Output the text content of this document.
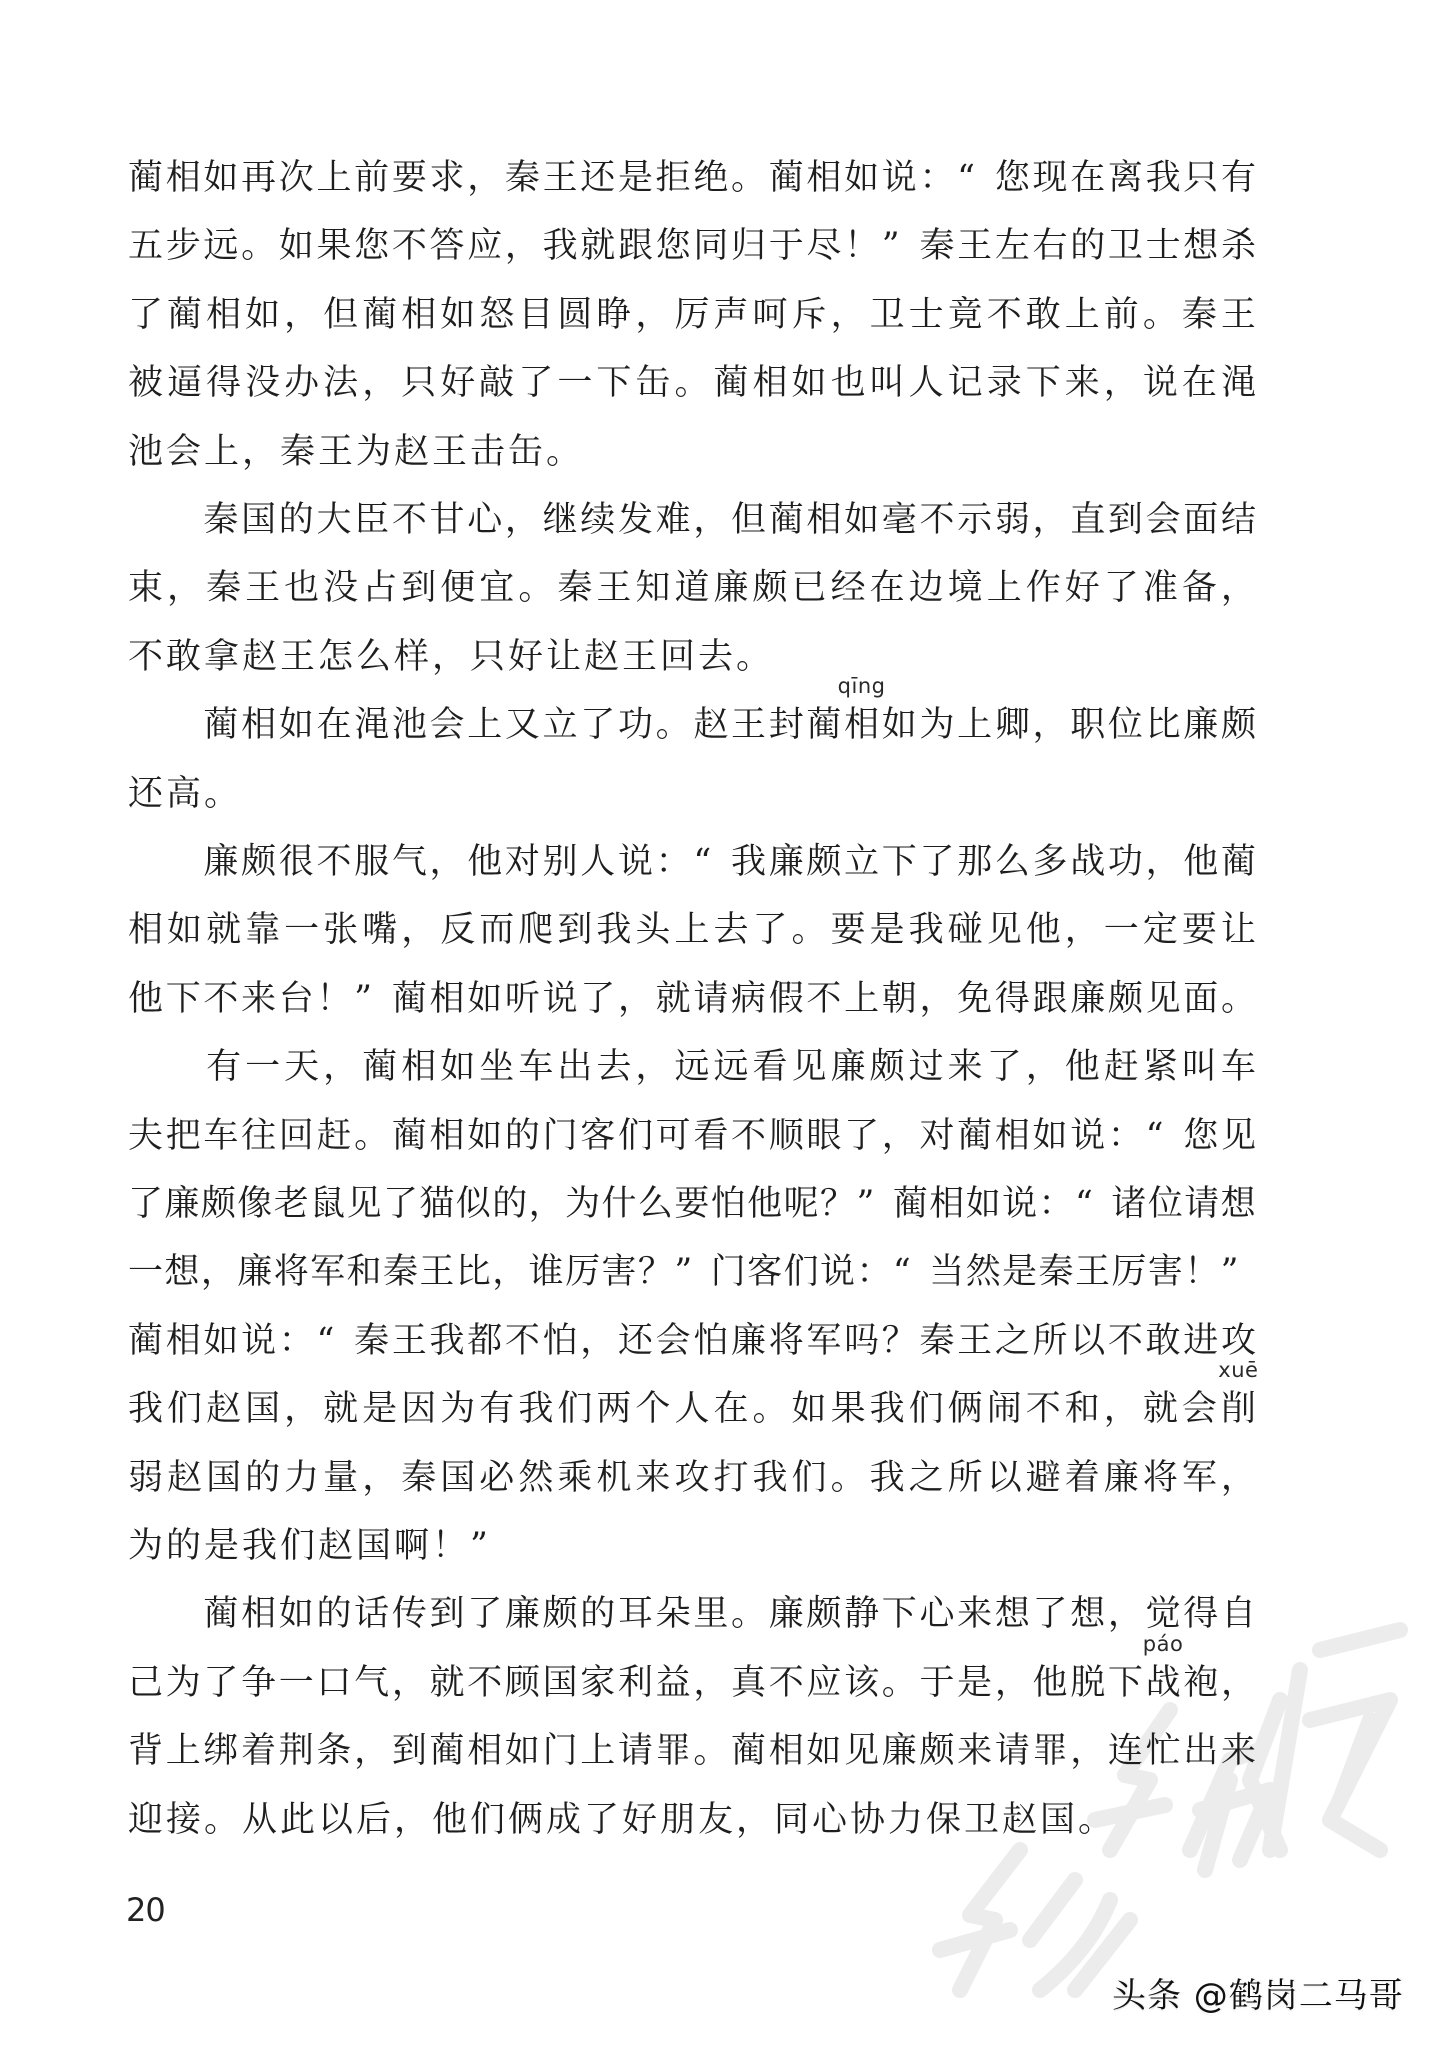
蔺 相 如 再 次 上 前 要 求 ， 秦 王 还 是 拒 绝 。 蔺 相 如 说 ： “ 您 现 在 离 我 只 有
五 步 远 。 如 果 您 不 答 应 ， 我 就 跟 您 同 归 于 尽 ！ ” 秦 王 左 右 的 卫 士 想 杀
了 蔺 相 如 ， 但 蔺 相 如 怒 目 圆 睁 ， 厉 声 呵 斥 ， 卫 士 竟 不 敢 上 前 。 秦 王
被 逼 得 没 办 法 ， 只 好 敲 了 一 下 缶 。 蔺 相 如 也 叫 人 记 录 下 来 ， 说 在 渑
池 会 上 ， 秦 王 为 赵 王 击 缶 。

秦 国 的 大 臣 不 甘 心 ， 继 续 发 难 ， 但 蔺 相 如 毫 不 示 弱 ， 直 到 会 面 结
束 ， 秦 王 也 没 占 到 便 宜 。 秦 王 知 道 廉 颇 已 经 在 边 境 上 作 好 了 准 备 ，
不 敢 拿 赵 王 怎 么 样 ， 只 好 让 赵 王 回 去 。

蔺 相 如 在 渑 池 会 上 又 立 了 功 。 赵 王 封 蔺 相
qīng
如 为 上 卿 ， 职 位 比 廉 颇
还 高 。

廉 颇 很 不 服 气 ， 他 对 别 人 说 ： “ 我 廉 颇 立 下 了 那 么 多 战 功 ， 他 蔺
相 如 就 靠 一 张 嘴 ， 反 而 爬 到 我 头 上 去 了 。 要 是 我 碰 见 他 ， 一 定 要 让
他 下 不 来 台 ！ ” 蔺 相 如 听 说 了 ， 就 请 病 假 不 上 朝 ， 免 得 跟 廉 颇 见 面 。

有 一 天 ， 蔺 相 如 坐 车 出 去 ， 远 远 看 见 廉 颇 过 来 了 ， 他 赶 紧 叫 车
夫 把 车 往 回 赶 。 蔺 相 如 的 门 客 们 可 看 不 顺 眼 了 ， 对 蔺 相 如 说 ： “ 您 见
了 廉 颇 像 老 鼠 见 了 猫 似 的 ， 为 什 么 要 怕 他 呢 ？ ” 蔺 相 如 说 ： “ 诸 位 请 想
一 想 ， 廉 将 军 和 秦 王 比 ， 谁 厉 害 ？ ” 门 客 们 说 ： “ 当 然 是 秦 王 厉 害 ！ ”
蔺 相 如 说 ： “ 秦 王 我 都 不 怕 ， 还 会 怕 廉 将 军 吗 ？ 秦 王 之 所 以 不 敢 进 攻
我 们 赵 国 ， 就 是 因 为 有 我 们 两 个 人 在 。 如 果 我 们 俩 闹 不 和 ， 就 会 削
xuē
弱 赵 国 的 力 量 ， 秦 国 必 然 乘 机 来 攻 打 我 们 。 我 之 所 以 避 着 廉 将 军 ，
为 的 是 我 们 赵 国 啊 ！ ”

蔺 相 如 的 话 传 到 了 廉 颇 的 耳 朵 里 。 廉 颇 静 下 心 来 想 了 想 ， 觉 得 自
己 为 了 争 一 口 气 ， 就 不 顾 国 家 利 益 ， 真 不 应 该 。 于 是 ， 他 脱 下 战
páo
袍 ，
背 上 绑 着 荆 条 ， 到 蔺 相 如 门 上 请 罪 。 蔺 相 如 见 廉 颇 来 请 罪 ， 连 忙 出 来
迎 接 。 从 此 以 后 ， 他 们 俩 成 了 好 朋 友 ， 同 心 协 力 保 卫 赵 国 。
20
头条 @鹤岗二马哥
